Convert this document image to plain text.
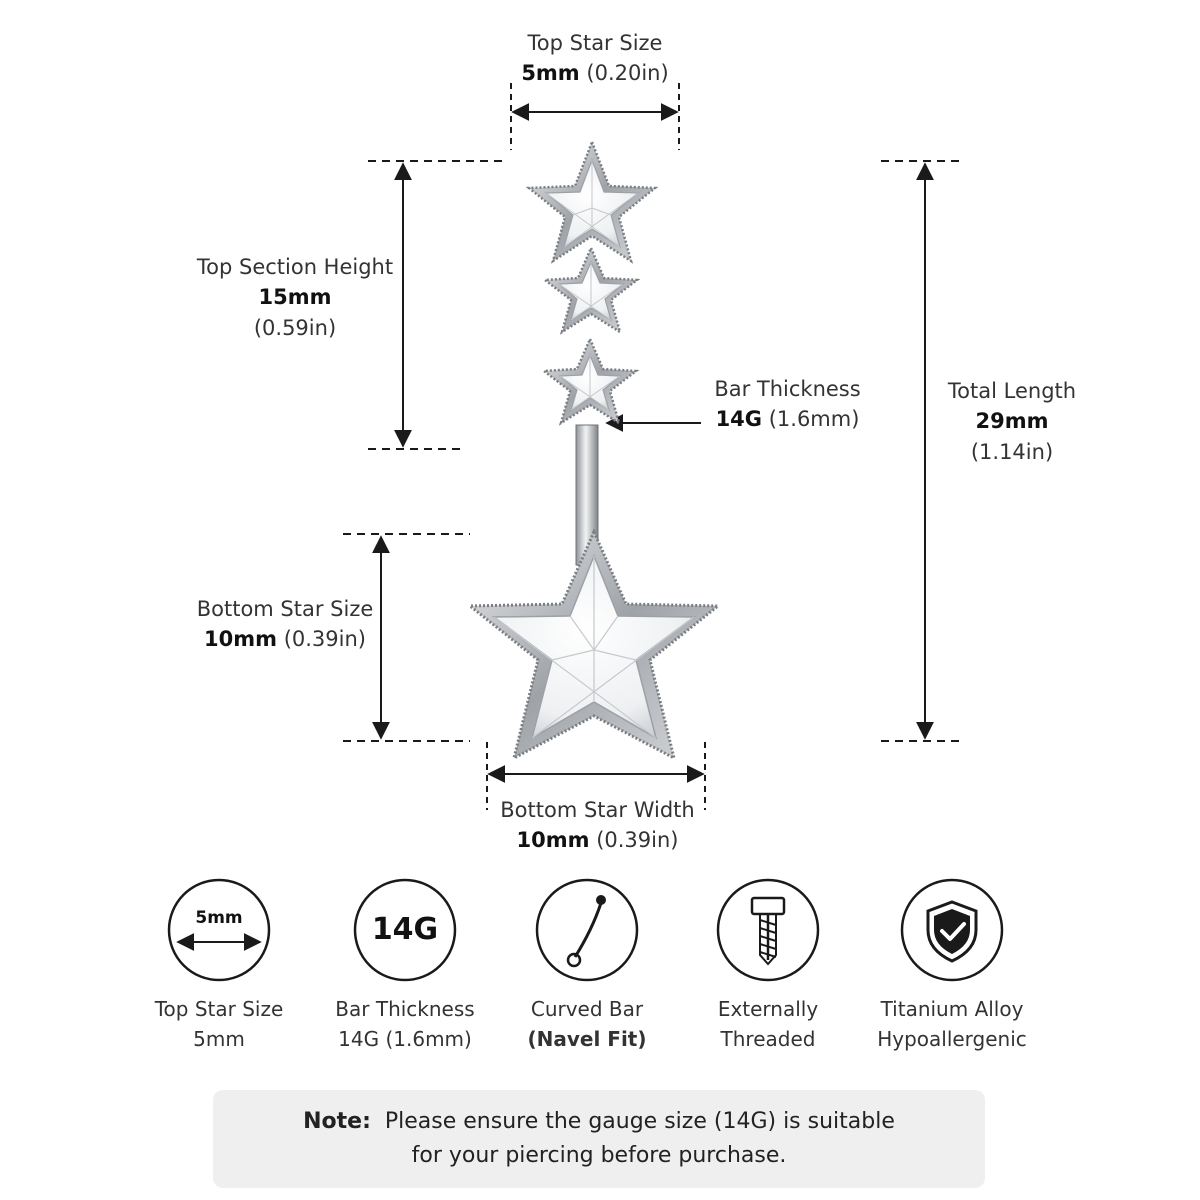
5mm	14G
Top Star Size
5mm (0.20in)
Top Section Height
15mm
(0.59in)
Bar Thickness
14G (1.6mm)
Total Length
29mm
(1.14in)
Bottom Star Size
10mm (0.39in)
Bottom Star Width
10mm (0.39in)
Top Star Size
5mm
Bar Thickness
14G (1.6mm)
Curved Bar
(Navel Fit)
Externally
Threaded
Titanium Alloy
Hypoallergenic
Note: Please ensure the gauge size (14G) is suitable
for your piercing before purchase.
